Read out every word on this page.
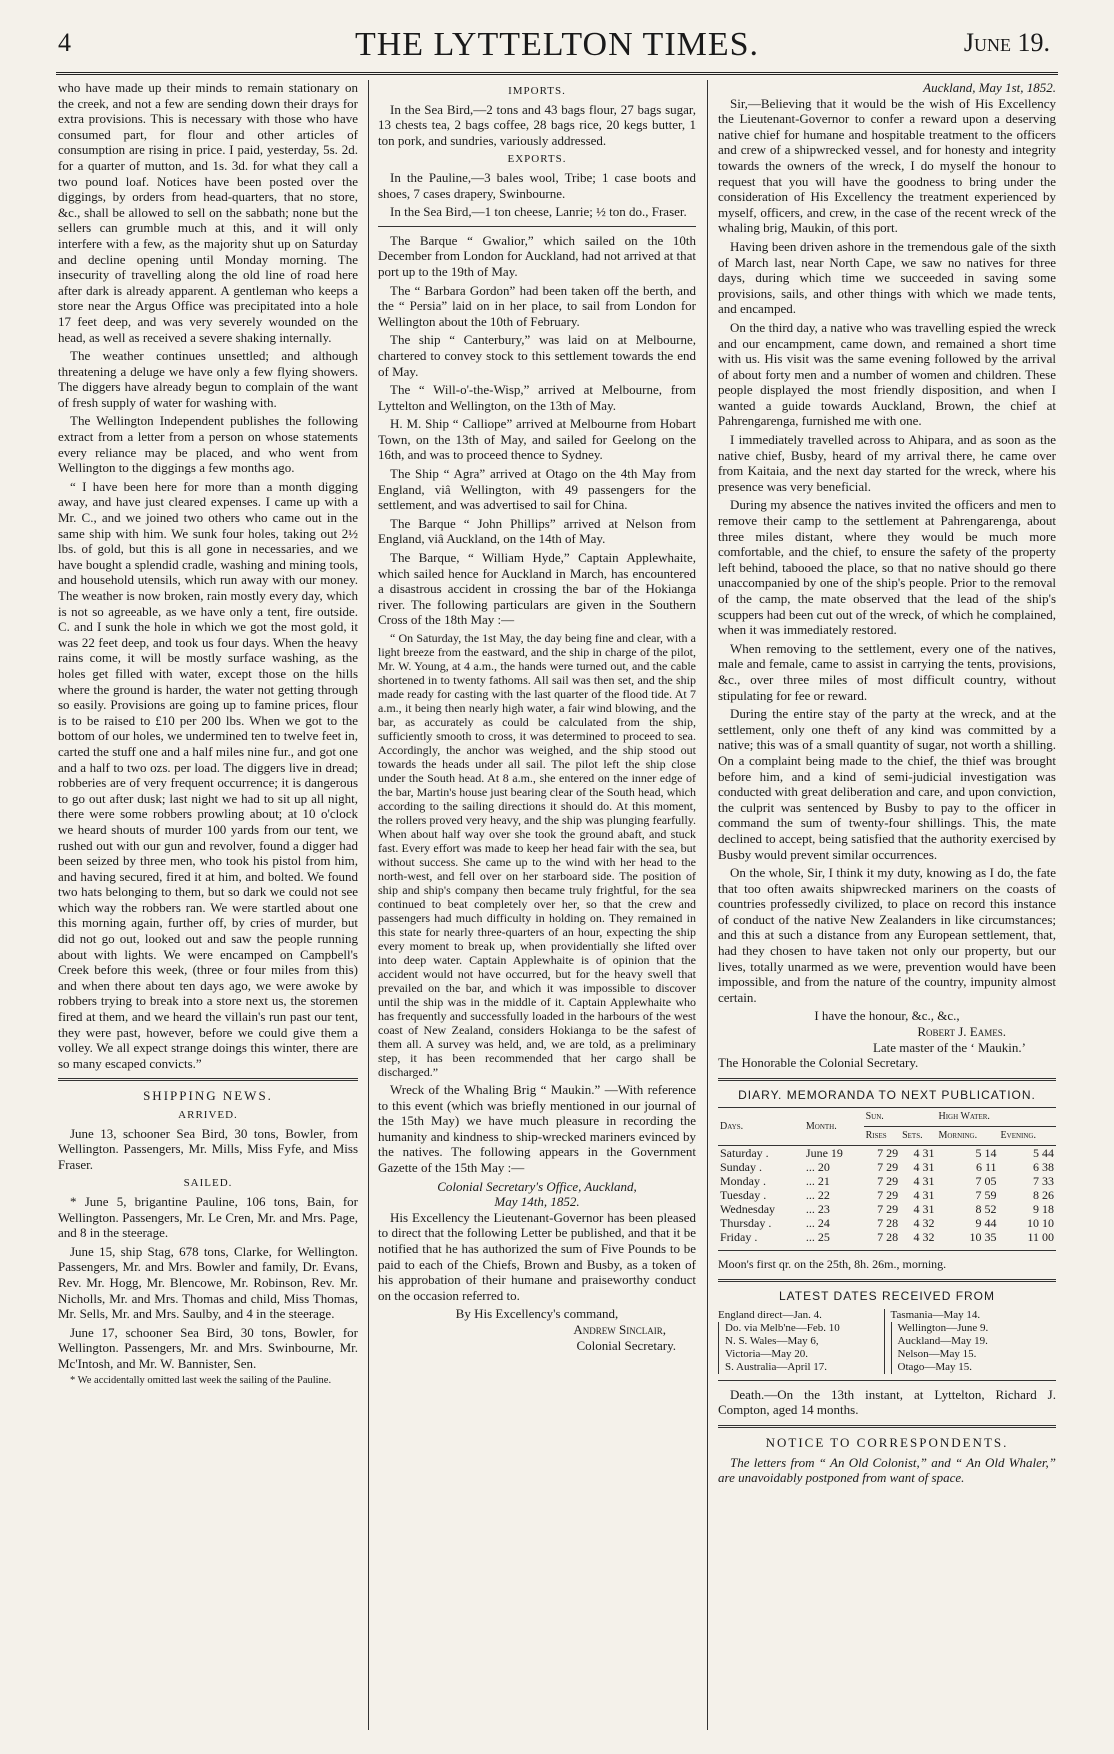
4	THE LYTTELTON TIMES.	June 19.

who have made up their minds to remain stationary on the creek, and not a few are sending down their drays for extra provisions. This is necessary with those who have consumed part, for flour and other articles of consumption are rising in price. I paid, yesterday, 5s. 2d. for a quarter of mutton, and 1s. 3d. for what they call a two pound loaf. Notices have been posted over the diggings, by orders from head-quarters, that no store, &c., shall be allowed to sell on the sabbath; none but the sellers can grumble much at this, and it will only interfere with a few, as the majority shut up on Saturday and decline opening until Monday morning. The insecurity of travelling along the old line of road here after dark is already apparent. A gentleman who keeps a store near the Argus Office was precipitated into a hole 17 feet deep, and was very severely wounded on the head, as well as received a severe shaking internally.

The weather continues unsettled; and although threatening a deluge we have only a few flying showers. The diggers have already begun to complain of the want of fresh supply of water for washing with.

The Wellington Independent publishes the following extract from a letter from a person on whose statements every reliance may be placed, and who went from Wellington to the diggings a few months ago.

“ I have been here for more than a month digging away, and have just cleared expenses. I came up with a Mr. C., and we joined two others who came out in the same ship with him. We sunk four holes, taking out 2½ lbs. of gold, but this is all gone in necessaries, and we have bought a splendid cradle, washing and mining tools, and household utensils, which run away with our money. The weather is now broken, rain mostly every day, which is not so agreeable, as we have only a tent, fire outside. C. and I sunk the hole in which we got the most gold, it was 22 feet deep, and took us four days. When the heavy rains come, it will be mostly surface washing, as the holes get filled with water, except those on the hills where the ground is harder, the water not getting through so easily. Provisions are going up to famine prices, flour is to be raised to £10 per 200 lbs. When we got to the bottom of our holes, we undermined ten to twelve feet in, carted the stuff one and a half miles nine fur., and got one and a half to two ozs. per load. The diggers live in dread; robberies are of very frequent occurrence; it is dangerous to go out after dusk; last night we had to sit up all night, there were some robbers prowling about; at 10 o'clock we heard shouts of murder 100 yards from our tent, we rushed out with our gun and revolver, found a digger had been seized by three men, who took his pistol from him, and having secured, fired it at him, and bolted. We found two hats belonging to them, but so dark we could not see which way the robbers ran. We were startled about one this morning again, further off, by cries of murder, but did not go out, looked out and saw the people running about with lights. We were encamped on Campbell's Creek before this week, (three or four miles from this) and when there about ten days ago, we were awoke by robbers trying to break into a store next us, the storemen fired at them, and we heard the villain's run past our tent, they were past, however, before we could give them a volley. We all expect strange doings this winter, there are so many escaped convicts.”

SHIPPING NEWS.
ARRIVED.

June 13, schooner Sea Bird, 30 tons, Bowler, from Wellington. Passengers, Mr. Mills, Miss Fyfe, and Miss Fraser.

SAILED.

* June 5, brigantine Pauline, 106 tons, Bain, for Wellington. Passengers, Mr. Le Cren, Mr. and Mrs. Page, and 8 in the steerage.

June 15, ship Stag, 678 tons, Clarke, for Wellington. Passengers, Mr. and Mrs. Bowler and family, Dr. Evans, Rev. Mr. Hogg, Mr. Blencowe, Mr. Robinson, Rev. Mr. Nicholls, Mr. and Mrs. Thomas and child, Miss Thomas, Mr. Sells, Mr. and Mrs. Saulby, and 4 in the steerage.

June 17, schooner Sea Bird, 30 tons, Bowler, for Wellington. Passengers, Mr. and Mrs. Swinbourne, Mr. Mc'Intosh, and Mr. W. Bannister, Sen.

* We accidentally omitted last week the sailing of the Pauline.

IMPORTS.

In the Sea Bird,—2 tons and 43 bags flour, 27 bags sugar, 13 chests tea, 2 bags coffee, 28 bags rice, 20 kegs butter, 1 ton pork, and sundries, variously addressed.

EXPORTS.

In the Pauline,—3 bales wool, Tribe; 1 case boots and shoes, 7 cases drapery, Swinbourne.

In the Sea Bird,—1 ton cheese, Lanrie; ½ ton do., Fraser.

The Barque “ Gwalior,” which sailed on the 10th December from London for Auckland, had not arrived at that port up to the 19th of May.

The “ Barbara Gordon” had been taken off the berth, and the “ Persia” laid on in her place, to sail from London for Wellington about the 10th of February.

The ship “ Canterbury,” was laid on at Melbourne, chartered to convey stock to this settlement towards the end of May.

The “ Will-o'-the-Wisp,” arrived at Melbourne, from Lyttelton and Wellington, on the 13th of May.

H. M. Ship “ Calliope” arrived at Melbourne from Hobart Town, on the 13th of May, and sailed for Geelong on the 16th, and was to proceed thence to Sydney.

The Ship “ Agra” arrived at Otago on the 4th May from England, viâ Wellington, with 49 passengers for the settlement, and was advertised to sail for China.

The Barque “ John Phillips” arrived at Nelson from England, viâ Auckland, on the 14th of May.

The Barque, “ William Hyde,” Captain Applewhaite, which sailed hence for Auckland in March, has encountered a disastrous accident in crossing the bar of the Hokianga river. The following particulars are given in the Southern Cross of the 18th May :—

“ On Saturday, the 1st May, the day being fine and clear, with a light breeze from the eastward, and the ship in charge of the pilot, Mr. W. Young, at 4 a.m., the hands were turned out, and the cable shortened in to twenty fathoms. All sail was then set, and the ship made ready for casting with the last quarter of the flood tide. At 7 a.m., it being then nearly high water, a fair wind blowing, and the bar, as accurately as could be calculated from the ship, sufficiently smooth to cross, it was determined to proceed to sea. Accordingly, the anchor was weighed, and the ship stood out towards the heads under all sail. The pilot left the ship close under the South head. At 8 a.m., she entered on the inner edge of the bar, Martin's house just bearing clear of the South head, which according to the sailing directions it should do. At this moment, the rollers proved very heavy, and the ship was plunging fearfully. When about half way over she took the ground abaft, and stuck fast. Every effort was made to keep her head fair with the sea, but without success. She came up to the wind with her head to the north-west, and fell over on her starboard side. The position of ship and ship's company then became truly frightful, for the sea continued to beat completely over her, so that the crew and passengers had much difficulty in holding on. They remained in this state for nearly three-quarters of an hour, expecting the ship every moment to break up, when providentially she lifted over into deep water. Captain Applewhaite is of opinion that the accident would not have occurred, but for the heavy swell that prevailed on the bar, and which it was impossible to discover until the ship was in the middle of it. Captain Applewhaite who has frequently and successfully loaded in the harbours of the west coast of New Zealand, considers Hokianga to be the safest of them all. A survey was held, and, we are told, as a preliminary step, it has been recommended that her cargo shall be discharged.”

Wreck of the Whaling Brig “ Maukin.” —With reference to this event (which was briefly mentioned in our journal of the 15th May) we have much pleasure in recording the humanity and kindness to ship-wrecked mariners evinced by the natives. The following appears in the Government Gazette of the 15th May :—

Colonial Secretary's Office, Auckland,
May 14th, 1852.

His Excellency the Lieutenant-Governor has been pleased to direct that the following Letter be published, and that it be notified that he has authorized the sum of Five Pounds to be paid to each of the Chiefs, Brown and Busby, as a token of his approbation of their humane and praiseworthy conduct on the occasion referred to.

By His Excellency's command,
Andrew Sinclair,
Colonial Secretary.
Auckland, May 1st, 1852.

Sir,—Believing that it would be the wish of His Excellency the Lieutenant-Governor to confer a reward upon a deserving native chief for humane and hospitable treatment to the officers and crew of a shipwrecked vessel, and for honesty and integrity towards the owners of the wreck, I do myself the honour to request that you will have the goodness to bring under the consideration of His Excellency the treatment experienced by myself, officers, and crew, in the case of the recent wreck of the whaling brig, Maukin, of this port.

Having been driven ashore in the tremendous gale of the sixth of March last, near North Cape, we saw no natives for three days, during which time we succeeded in saving some provisions, sails, and other things with which we made tents, and encamped.

On the third day, a native who was travelling espied the wreck and our encampment, came down, and remained a short time with us. His visit was the same evening followed by the arrival of about forty men and a number of women and children. These people displayed the most friendly disposition, and when I wanted a guide towards Auckland, Brown, the chief at Pahrengarenga, furnished me with one.

I immediately travelled across to Ahipara, and as soon as the native chief, Busby, heard of my arrival there, he came over from Kaitaia, and the next day started for the wreck, where his presence was very beneficial.

During my absence the natives invited the officers and men to remove their camp to the settlement at Pahrengarenga, about three miles distant, where they would be much more comfortable, and the chief, to ensure the safety of the property left behind, tabooed the place, so that no native should go there unaccompanied by one of the ship's people. Prior to the removal of the camp, the mate observed that the lead of the ship's scuppers had been cut out of the wreck, of which he complained, when it was immediately restored.

When removing to the settlement, every one of the natives, male and female, came to assist in carrying the tents, provisions, &c., over three miles of most difficult country, without stipulating for fee or reward.

During the entire stay of the party at the wreck, and at the settlement, only one theft of any kind was committed by a native; this was of a small quantity of sugar, not worth a shilling. On a complaint being made to the chief, the thief was brought before him, and a kind of semi-judicial investigation was conducted with great deliberation and care, and upon conviction, the culprit was sentenced by Busby to pay to the officer in command the sum of twenty-four shillings. This, the mate declined to accept, being satisfied that the authority exercised by Busby would prevent similar occurrences.

On the whole, Sir, I think it my duty, knowing as I do, the fate that too often awaits shipwrecked mariners on the coasts of countries professedly civilized, to place on record this instance of conduct of the native New Zealanders in like circumstances; and this at such a distance from any European settlement, that, had they chosen to have taken not only our property, but our lives, totally unarmed as we were, prevention would have been impossible, and from the nature of the country, impunity almost certain.

I have the honour, &c., &c.,
Robert J. Eames.
Late master of the ‘ Maukin.’
The Honorable the Colonial Secretary.
DIARY. MEMORANDA TO NEXT PUBLICATION.
Days.	Month.	Sun.		High Water.	
		Rises	Sets.	Morning.	Evening.
Saturday .	June 19	7 29	4 31	5 14	5 44
Sunday .	... 20	7 29	4 31	6 11	6 38
Monday .	... 21	7 29	4 31	7 05	7 33
Tuesday .	... 22	7 29	4 31	7 59	8 26
Wednesday	... 23	7 29	4 31	8 52	9 18
Thursday .	... 24	7 28	4 32	9 44	10 10
Friday .	... 25	7 28	4 32	10 35	11 00
Moon's first qr. on the 25th, 8h. 26m., morning.
LATEST DATES RECEIVED FROM
England direct—Jan. 4.
Do. via Melb'ne—Feb. 10
N. S. Wales—May 6,
Victoria—May 20.
S. Australia—April 17.
Tasmania—May 14.
Wellington—June 9.
Auckland—May 19.
Nelson—May 15.
Otago—May 15.

Death.—On the 13th instant, at Lyttelton, Richard J. Compton, aged 14 months.

NOTICE TO CORRESPONDENTS.

The letters from “ An Old Colonist,” and “ An Old Whaler,” are unavoidably postponed from want of space.
